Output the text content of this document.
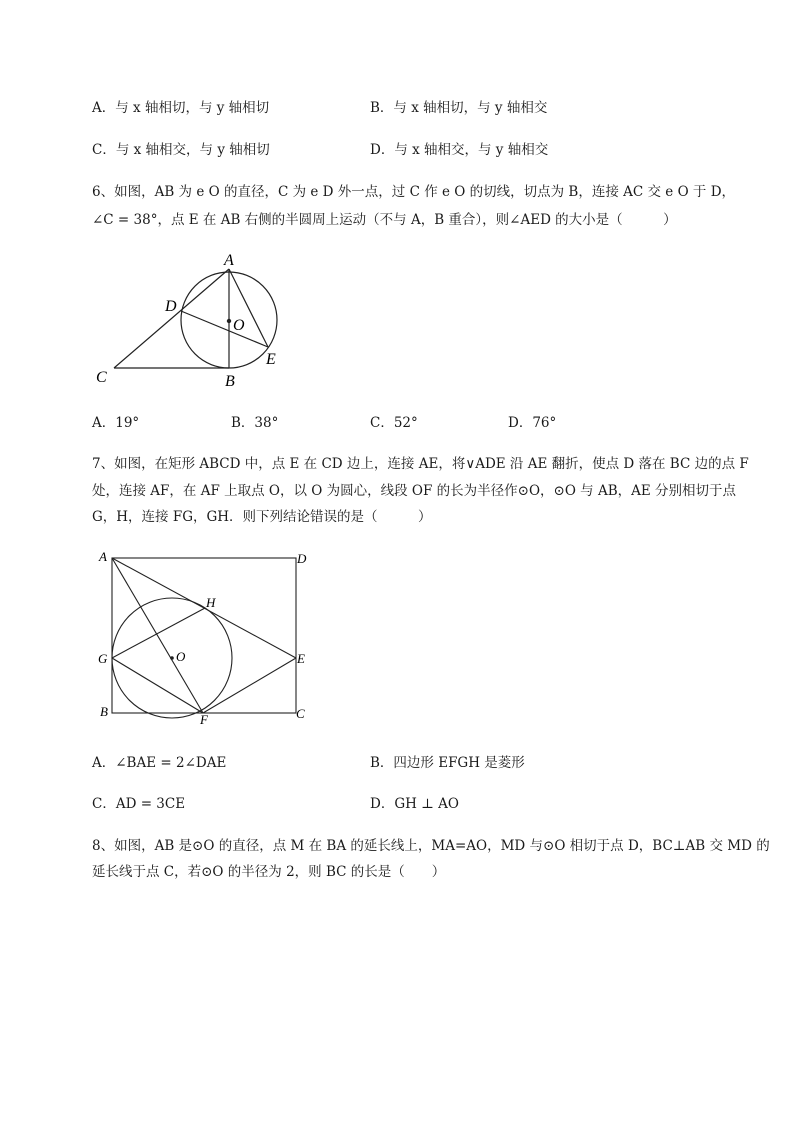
A．与 x 轴相切，与 y 轴相切	B．与 x 轴相切，与 y 轴相交
C．与 x 轴相交，与 y 轴相切	D．与 x 轴相交，与 y 轴相交
6、如图，AB 为 e O 的直径，C 为 e D 外一点，过 C 作 e O 的切线，切点为 B，连接 AC 交 e O 于 D，
∠C = 38°，点 E 在 AB 右侧的半圆周上运动（不与 A，B 重合），则∠AED 的大小是（　　　）
A
D
O
E
C	B
A．19°	B．38°	C．52°	D．76°
7、如图，在矩形 ABCD 中，点 E 在 CD 边上，连接 AE，将∨ADE 沿 AE 翻折，使点 D 落在 BC 边的点 F
处，连接 AF，在 AF 上取点 O，以 O 为圆心，线段 OF 的长为半径作⊙O，⊙O 与 AB，AE 分别相切于点
G，H，连接 FG，GH．则下列结论错误的是（　　　）
A	D
H
G	O	E
B
F	C
A．∠BAE = 2∠DAE	B．四边形 EFGH 是菱形
C．AD = 3CE	D．GH ⊥ AO
8、如图，AB 是⊙O 的直径，点 M 在 BA 的延长线上，MA=AO，MD 与⊙O 相切于点 D，BC⊥AB 交 MD 的
延长线于点 C，若⊙O 的半径为 2，则 BC 的长是（　　）
